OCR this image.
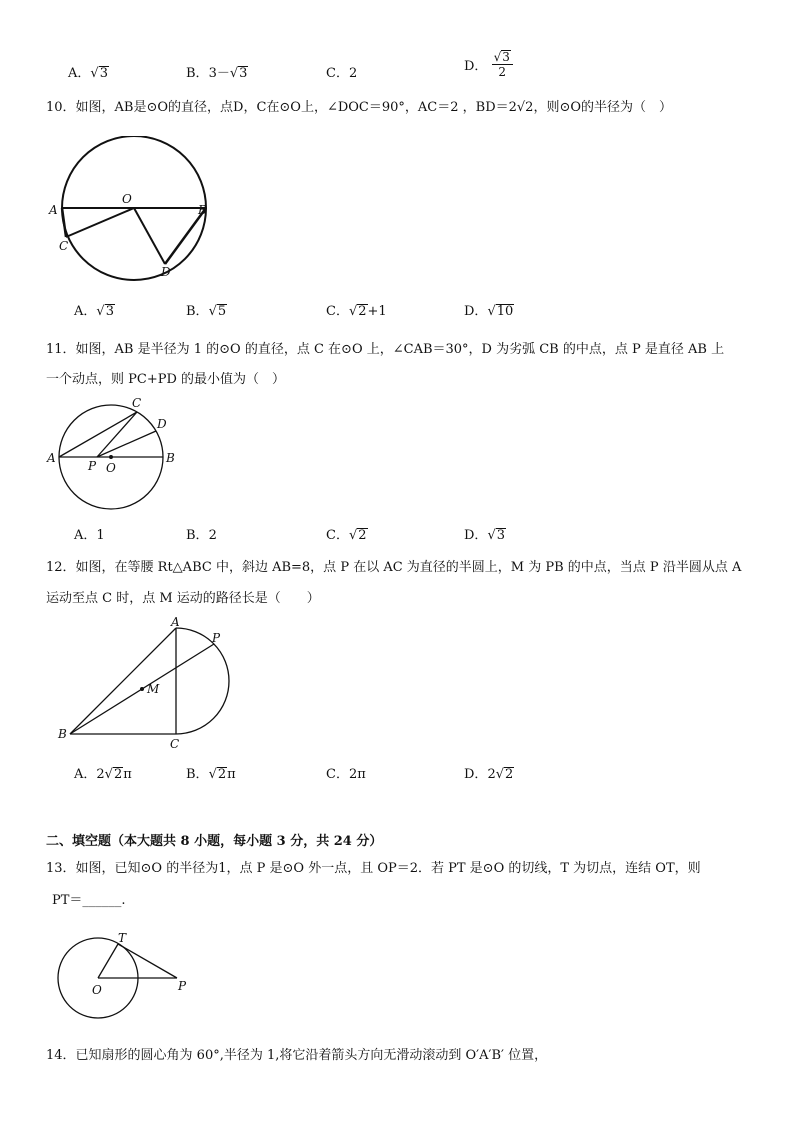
A．√3	B．3－√3	C．2	D． $\frac{√3}{2}$
10．如图，AB是⊙O的直径，点D，C在⊙O上，∠DOC＝90°，AC＝2 ，BD＝2√2，则⊙O的半径为（　）
A	B
C
D
O
A．√3	B．√5	C．√2+1	D．√10
11．如图，AB 是半径为 1 的⊙O 的直径，点 C 在⊙O 上，∠CAB＝30°，D 为劣弧 CB 的中点，点 P 是直径 AB 上
一个动点，则 PC+PD 的最小值为（　）
A	B
C
D
O
P
A．1	B．2	C．√2	D．√3
12．如图，在等腰 Rt△ABC 中，斜边 AB=8，点 P 在以 AC 为直径的半圆上，M 为 PB 的中点，当点 P 沿半圆从点 A
运动至点 C 时，点 M 运动的路径长是（　　）
A
B
C
M
P
A．2√2π	B．√2π	C．2π	D．2√2
二、填空题（本大题共 8 小题，每小题 3 分，共 24 分）
13．如图，已知⊙O 的半径为1，点 P 是⊙O 外一点，且 OP＝2．若 PT 是⊙O 的切线，T 为切点，连结 OT，则
PT＝______.
O	P
T
14．已知扇形的圆心角为 60°,半径为 1,将它沿着箭头方向无滑动滚动到 O′A′B′ 位置，
